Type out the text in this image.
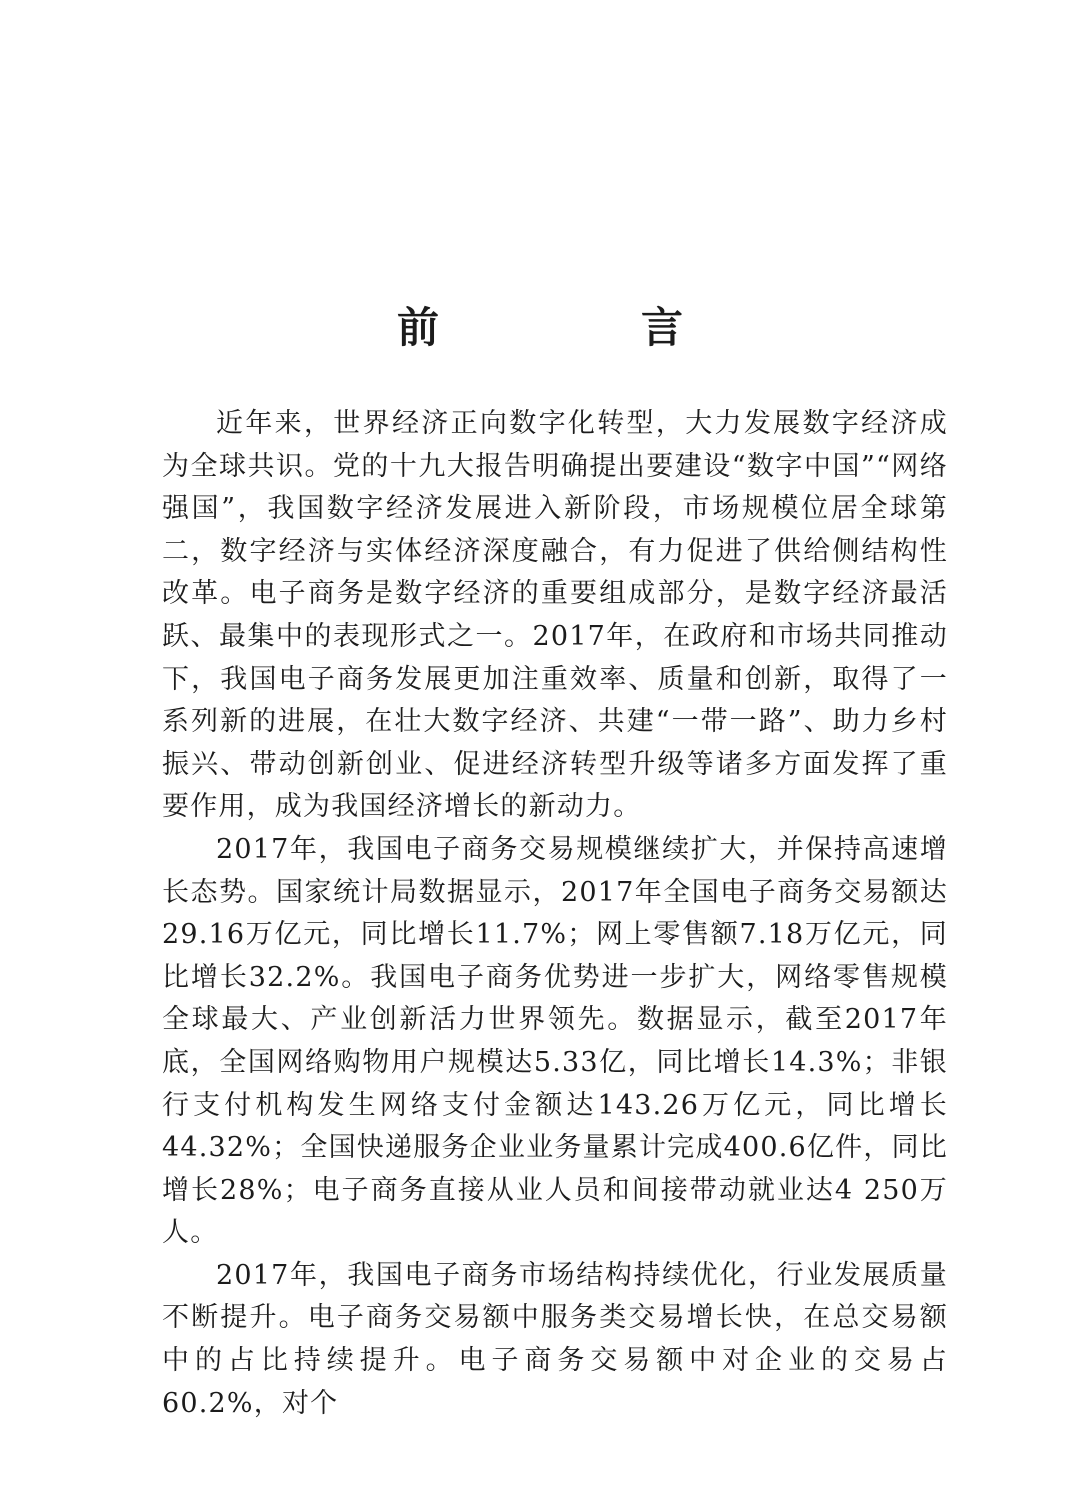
前　言

近年来，世界经济正向数字化转型，大力发展数字经济成为全球共识。党的十九大报告明确提出要建设“数字中国”“网络强国”，我国数字经济发展进入新阶段，市场规模位居全球第二，数字经济与实体经济深度融合，有力促进了供给侧结构性改革。电子商务是数字经济的重要组成部分，是数字经济最活跃、最集中的表现形式之一。2017年，在政府和市场共同推动下，我国电子商务发展更加注重效率、质量和创新，取得了一系列新的进展，在壮大数字经济、共建“一带一路”、助力乡村振兴、带动创新创业、促进经济转型升级等诸多方面发挥了重要作用，成为我国经济增长的新动力。

2017年，我国电子商务交易规模继续扩大，并保持高速增长态势。国家统计局数据显示，2017年全国电子商务交易额达29.16万亿元，同比增长11.7%；网上零售额7.18万亿元，同比增长32.2%。我国电子商务优势进一步扩大，网络零售规模全球最大、产业创新活力世界领先。数据显示，截至2017年底，全国网络购物用户规模达5.33亿，同比增长14.3%；非银行支付机构发生网络支付金额达143.26万亿元，同比增长44.32%；全国快递服务企业业务量累计完成400.6亿件，同比增长28%；电子商务直接从业人员和间接带动就业达4 250万人。

2017年，我国电子商务市场结构持续优化，行业发展质量不断提升。电子商务交易额中服务类交易增长快，在总交易额中的占比持续提升。电子商务交易额中对企业的交易占60.2%，对个
